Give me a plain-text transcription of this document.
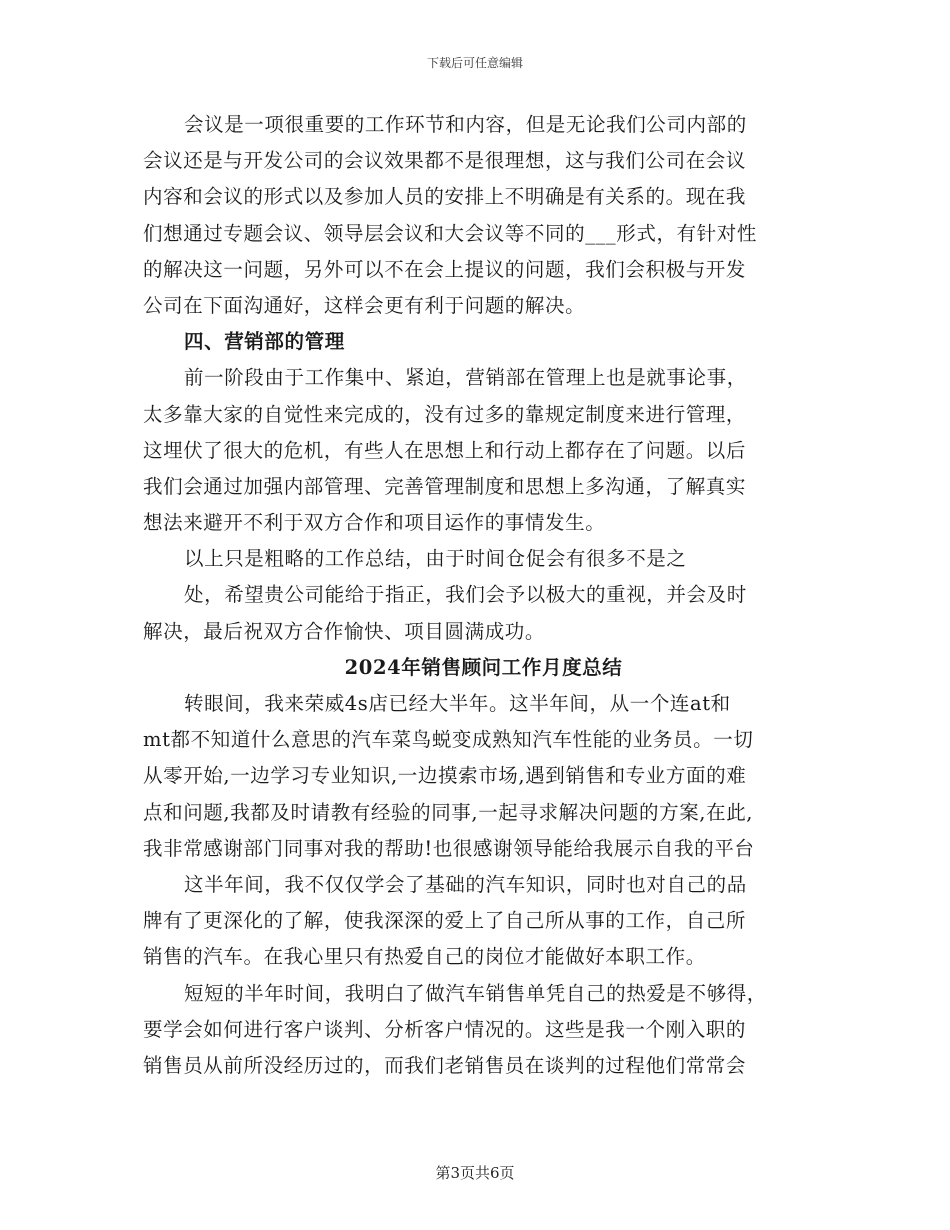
下载后可任意编辑
会议是一项很重要的工作环节和内容，但是无论我们公司内部的
会议还是与开发公司的会议效果都不是很理想，这与我们公司在会议
内容和会议的形式以及参加人员的安排上不明确是有关系的。现在我
们想通过专题会议、领导层会议和大会议等不同的___形式，有针对性
的解决这一问题，另外可以不在会上提议的问题，我们会积极与开发
公司在下面沟通好，这样会更有利于问题的解决。
四、营销部的管理
前一阶段由于工作集中、紧迫，营销部在管理上也是就事论事，
太多靠大家的自觉性来完成的，没有过多的靠规定制度来进行管理，
这埋伏了很大的危机，有些人在思想上和行动上都存在了问题。以后
我们会通过加强内部管理、完善管理制度和思想上多沟通，了解真实
想法来避开不利于双方合作和项目运作的事情发生。
以上只是粗略的工作总结，由于时间仓促会有很多不是之
处，希望贵公司能给于指正，我们会予以极大的重视，并会及时
解决，最后祝双方合作愉快、项目圆满成功。
2024年销售顾问工作月度总结
转眼间，我来荣威4s店已经大半年。这半年间，从一个连at和
mt都不知道什么意思的汽车菜鸟蜕变成熟知汽车性能的业务员。一切
从零开始,一边学习专业知识,一边摸索市场,遇到销售和专业方面的难
点和问题,我都及时请教有经验的同事,一起寻求解决问题的方案,在此,
我非常感谢部门同事对我的帮助!也很感谢领导能给我展示自我的平台
这半年间，我不仅仅学会了基础的汽车知识，同时也对自己的品
牌有了更深化的了解，使我深深的爱上了自己所从事的工作，自己所
销售的汽车。在我心里只有热爱自己的岗位才能做好本职工作。
短短的半年时间，我明白了做汽车销售单凭自己的热爱是不够得，
要学会如何进行客户谈判、分析客户情况的。这些是我一个刚入职的
销售员从前所没经历过的，而我们老销售员在谈判的过程他们常常会
第3页共6页
